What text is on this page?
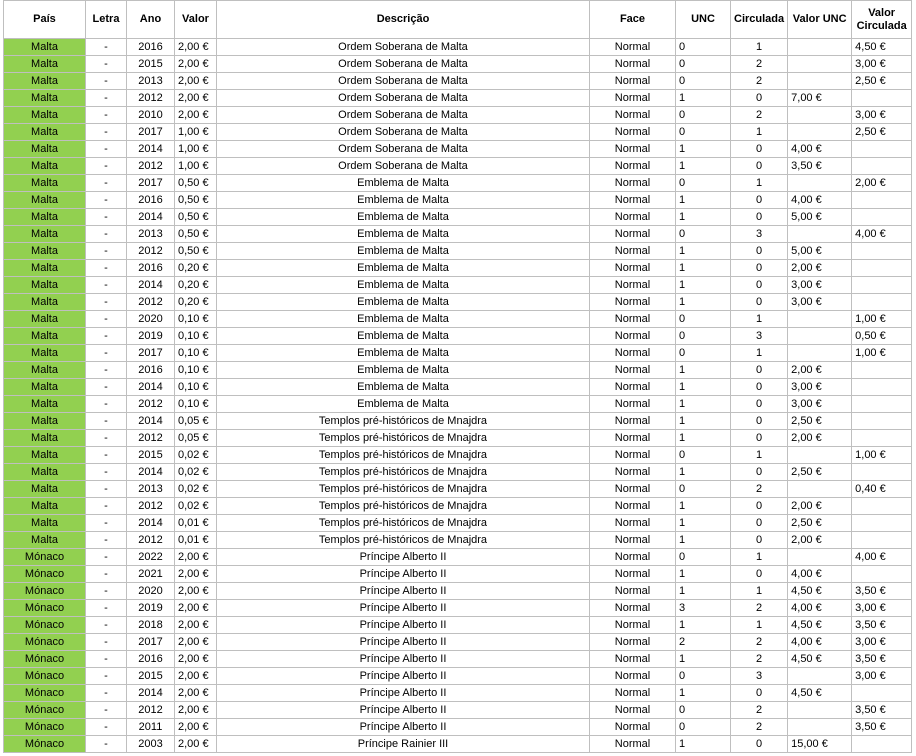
País	Letra	Ano	Valor	Descrição	Face	UNC	Circulada	Valor UNC	Valor
Circulada
Malta	-	2016	2,00 €	Ordem Soberana de Malta	Normal	0	1		4,50 €
Malta	-	2015	2,00 €	Ordem Soberana de Malta	Normal	0	2		3,00 €
Malta	-	2013	2,00 €	Ordem Soberana de Malta	Normal	0	2		2,50 €
Malta	-	2012	2,00 €	Ordem Soberana de Malta	Normal	1	0	7,00 €	
Malta	-	2010	2,00 €	Ordem Soberana de Malta	Normal	0	2		3,00 €
Malta	-	2017	1,00 €	Ordem Soberana de Malta	Normal	0	1		2,50 €
Malta	-	2014	1,00 €	Ordem Soberana de Malta	Normal	1	0	4,00 €	
Malta	-	2012	1,00 €	Ordem Soberana de Malta	Normal	1	0	3,50 €	
Malta	-	2017	0,50 €	Emblema de Malta	Normal	0	1		2,00 €
Malta	-	2016	0,50 €	Emblema de Malta	Normal	1	0	4,00 €	
Malta	-	2014	0,50 €	Emblema de Malta	Normal	1	0	5,00 €	
Malta	-	2013	0,50 €	Emblema de Malta	Normal	0	3		4,00 €
Malta	-	2012	0,50 €	Emblema de Malta	Normal	1	0	5,00 €	
Malta	-	2016	0,20 €	Emblema de Malta	Normal	1	0	2,00 €	
Malta	-	2014	0,20 €	Emblema de Malta	Normal	1	0	3,00 €	
Malta	-	2012	0,20 €	Emblema de Malta	Normal	1	0	3,00 €	
Malta	-	2020	0,10 €	Emblema de Malta	Normal	0	1		1,00 €
Malta	-	2019	0,10 €	Emblema de Malta	Normal	0	3		0,50 €
Malta	-	2017	0,10 €	Emblema de Malta	Normal	0	1		1,00 €
Malta	-	2016	0,10 €	Emblema de Malta	Normal	1	0	2,00 €	
Malta	-	2014	0,10 €	Emblema de Malta	Normal	1	0	3,00 €	
Malta	-	2012	0,10 €	Emblema de Malta	Normal	1	0	3,00 €	
Malta	-	2014	0,05 €	Templos pré-históricos de Mnajdra	Normal	1	0	2,50 €	
Malta	-	2012	0,05 €	Templos pré-históricos de Mnajdra	Normal	1	0	2,00 €	
Malta	-	2015	0,02 €	Templos pré-históricos de Mnajdra	Normal	0	1		1,00 €
Malta	-	2014	0,02 €	Templos pré-históricos de Mnajdra	Normal	1	0	2,50 €	
Malta	-	2013	0,02 €	Templos pré-históricos de Mnajdra	Normal	0	2		0,40 €
Malta	-	2012	0,02 €	Templos pré-históricos de Mnajdra	Normal	1	0	2,00 €	
Malta	-	2014	0,01 €	Templos pré-históricos de Mnajdra	Normal	1	0	2,50 €	
Malta	-	2012	0,01 €	Templos pré-históricos de Mnajdra	Normal	1	0	2,00 €	
Mónaco	-	2022	2,00 €	Príncipe Alberto II	Normal	0	1		4,00 €
Mónaco	-	2021	2,00 €	Príncipe Alberto II	Normal	1	0	4,00 €	
Mónaco	-	2020	2,00 €	Príncipe Alberto II	Normal	1	1	4,50 €	3,50 €
Mónaco	-	2019	2,00 €	Príncipe Alberto II	Normal	3	2	4,00 €	3,00 €
Mónaco	-	2018	2,00 €	Príncipe Alberto II	Normal	1	1	4,50 €	3,50 €
Mónaco	-	2017	2,00 €	Príncipe Alberto II	Normal	2	2	4,00 €	3,00 €
Mónaco	-	2016	2,00 €	Príncipe Alberto II	Normal	1	2	4,50 €	3,50 €
Mónaco	-	2015	2,00 €	Príncipe Alberto II	Normal	0	3		3,00 €
Mónaco	-	2014	2,00 €	Príncipe Alberto II	Normal	1	0	4,50 €	
Mónaco	-	2012	2,00 €	Príncipe Alberto II	Normal	0	2		3,50 €
Mónaco	-	2011	2,00 €	Príncipe Alberto II	Normal	0	2		3,50 €
Mónaco	-	2003	2,00 €	Príncipe Rainier III	Normal	1	0	15,00 €	
